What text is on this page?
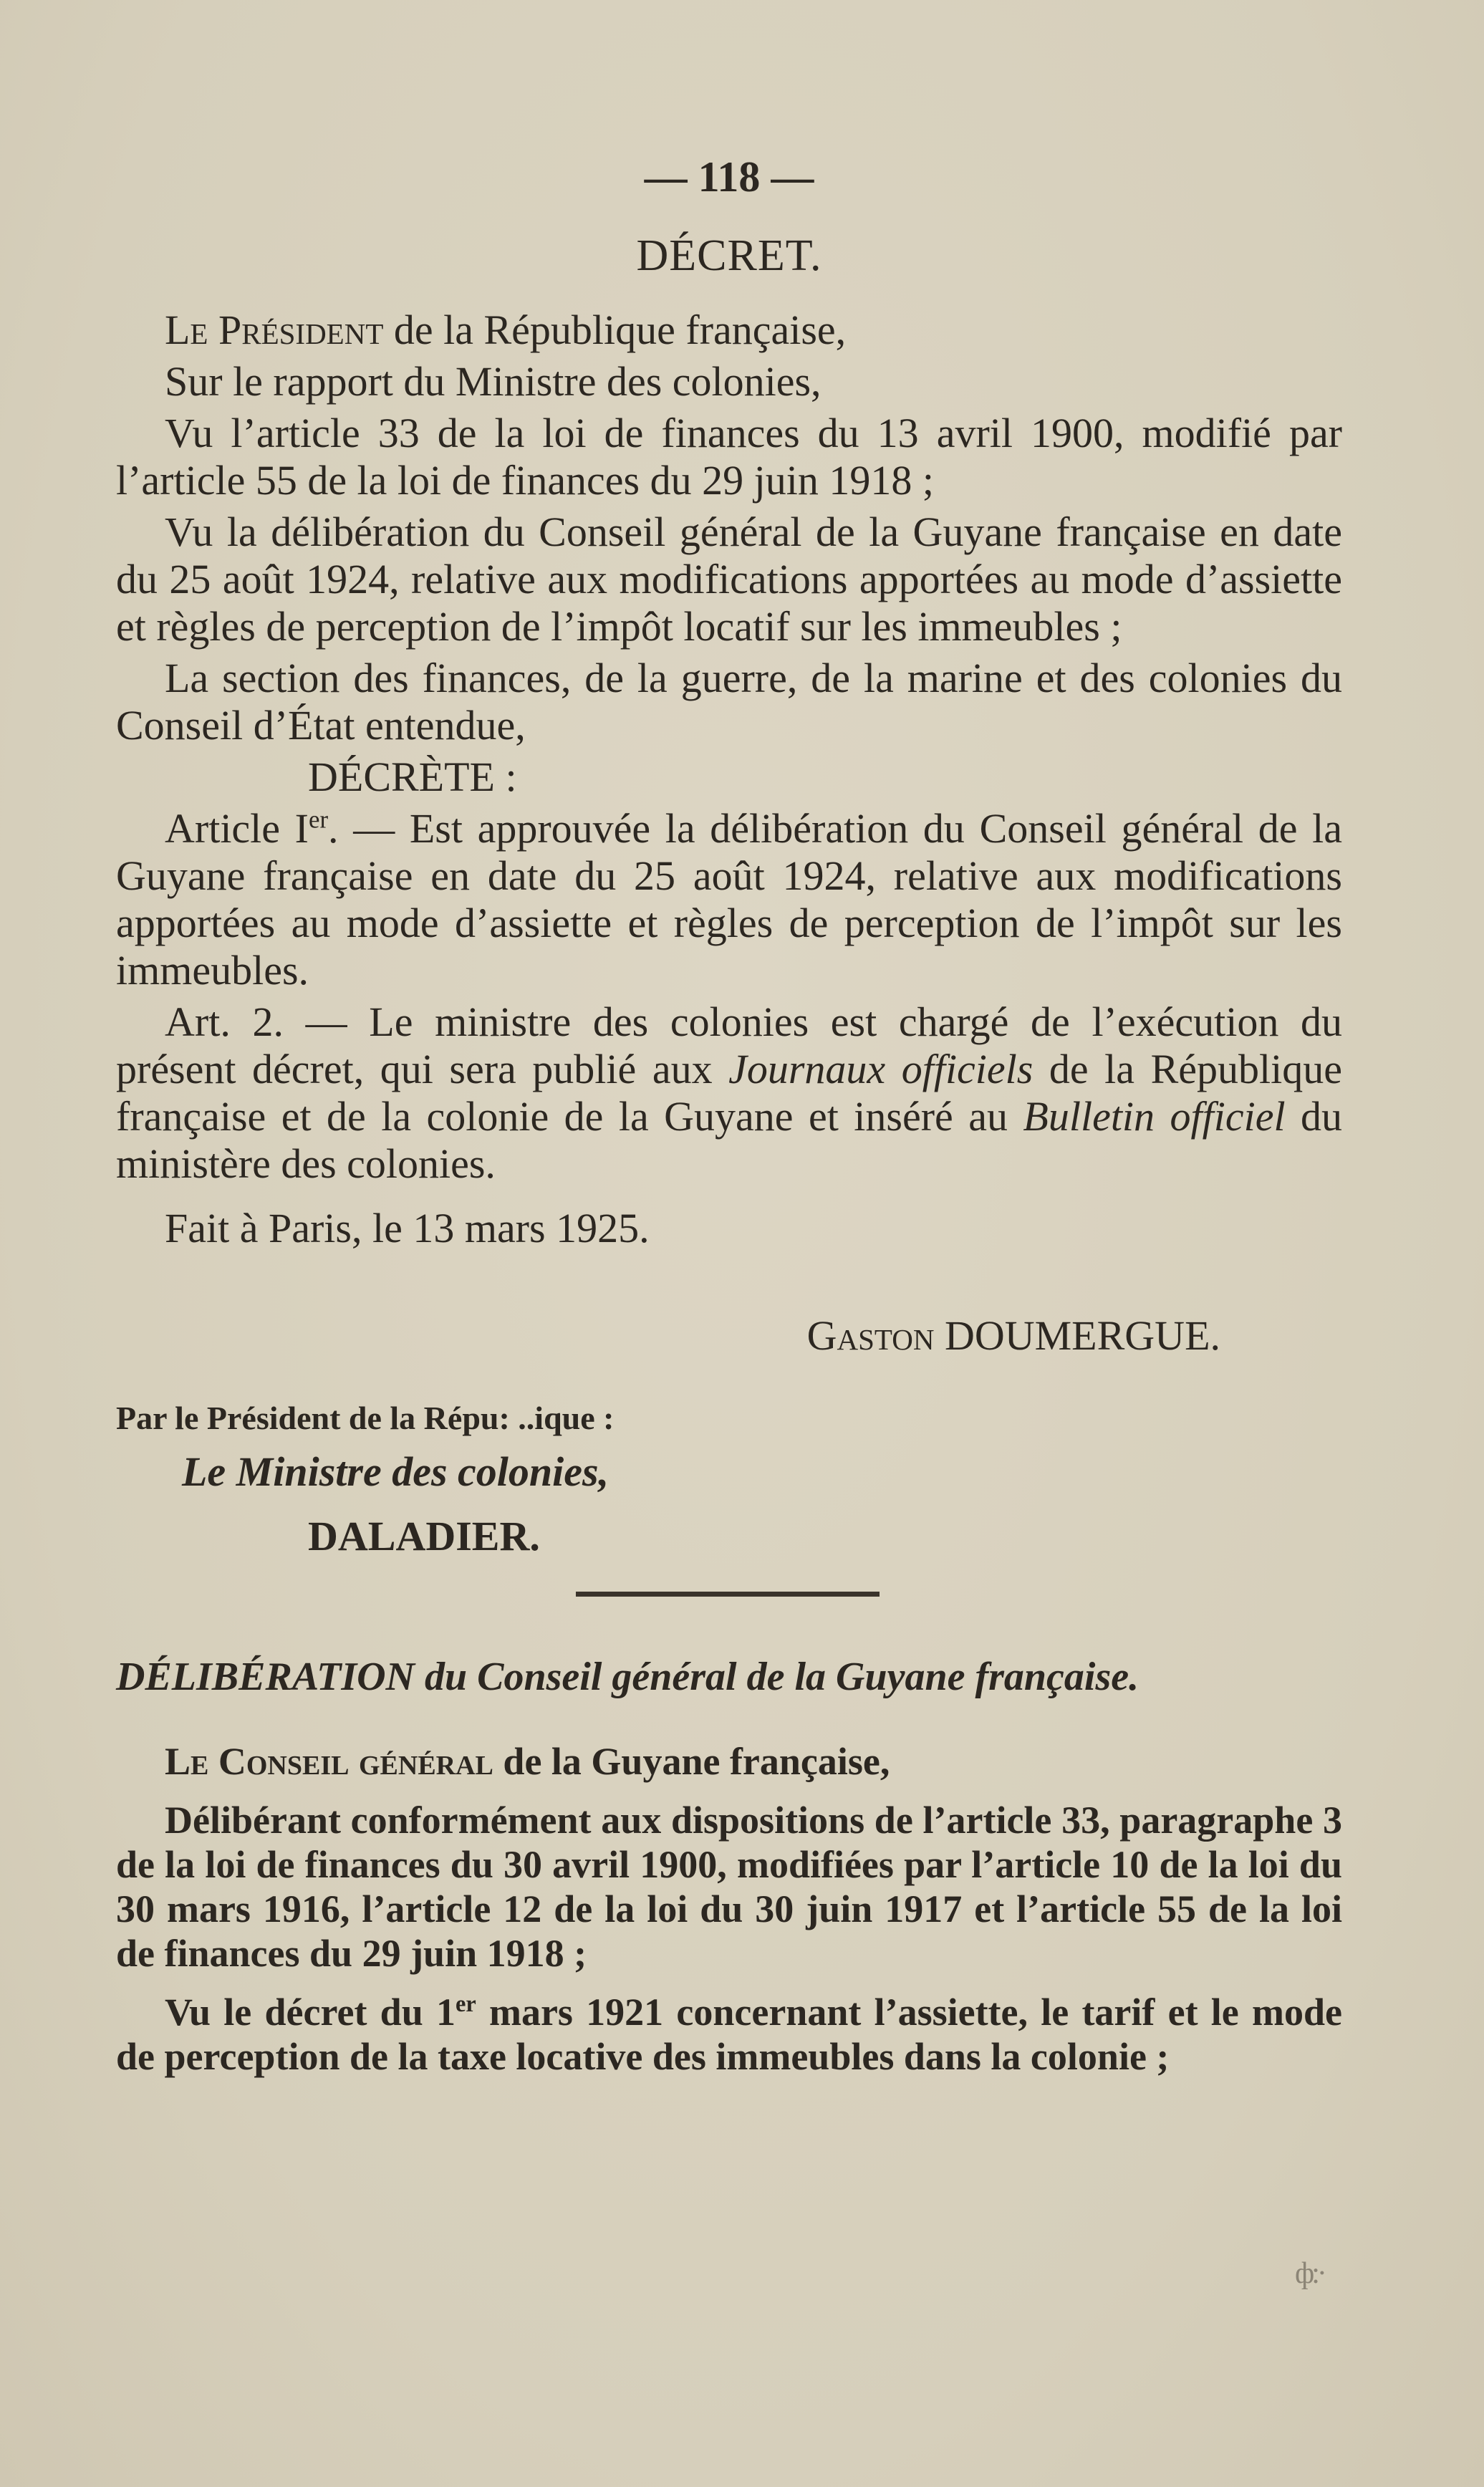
— 118 —
DÉCRET.

Le Président de la République française,

Sur le rapport du Ministre des colonies,

Vu l’article 33 de la loi de finances du 13 avril 1900, modifié par l’article 55 de la loi de finances du 29 juin 1918 ;

Vu la délibération du Conseil général de la Guyane française en date du 25 août 1924, relative aux modifications apportées au mode d’assiette et règles de perception de l’impôt locatif sur les immeubles ;

La section des finances, de la guerre, de la marine et des colonies du Conseil d’État entendue,

DÉCRÈTE :

Article Ier. — Est approuvée la délibération du Conseil général de la Guyane française en date du 25 août 1924, relative aux modifications apportées au mode d’assiette et règles de perception de l’impôt sur les immeubles.

Art. 2. — Le ministre des colonies est chargé de l’exécution du présent décret, qui sera publié aux Journaux officiels de la République française et de la colonie de la Guyane et inséré au Bulletin officiel du ministère des colonies.

Fait à Paris, le 13 mars 1925.

Gaston DOUMERGUE.
Par le Président de la Répu: ..ique :
Le Ministre des colonies,
DALADIER.
DÉLIBÉRATION du Conseil général de la Guyane française.

Le Conseil général de la Guyane française,

Délibérant conformément aux dispositions de l’article 33, paragraphe 3 de la loi de finances du 30 avril 1900, modifiées par l’article 10 de la loi du 30 mars 1916, l’article 12 de la loi du 30 juin 1917 et l’article 55 de la loi de finances du 29 juin 1918 ;

Vu le décret du 1er mars 1921 concernant l’assiette, le tarif et le mode de perception de la taxe locative des immeubles dans la colonie ;

ф:·
